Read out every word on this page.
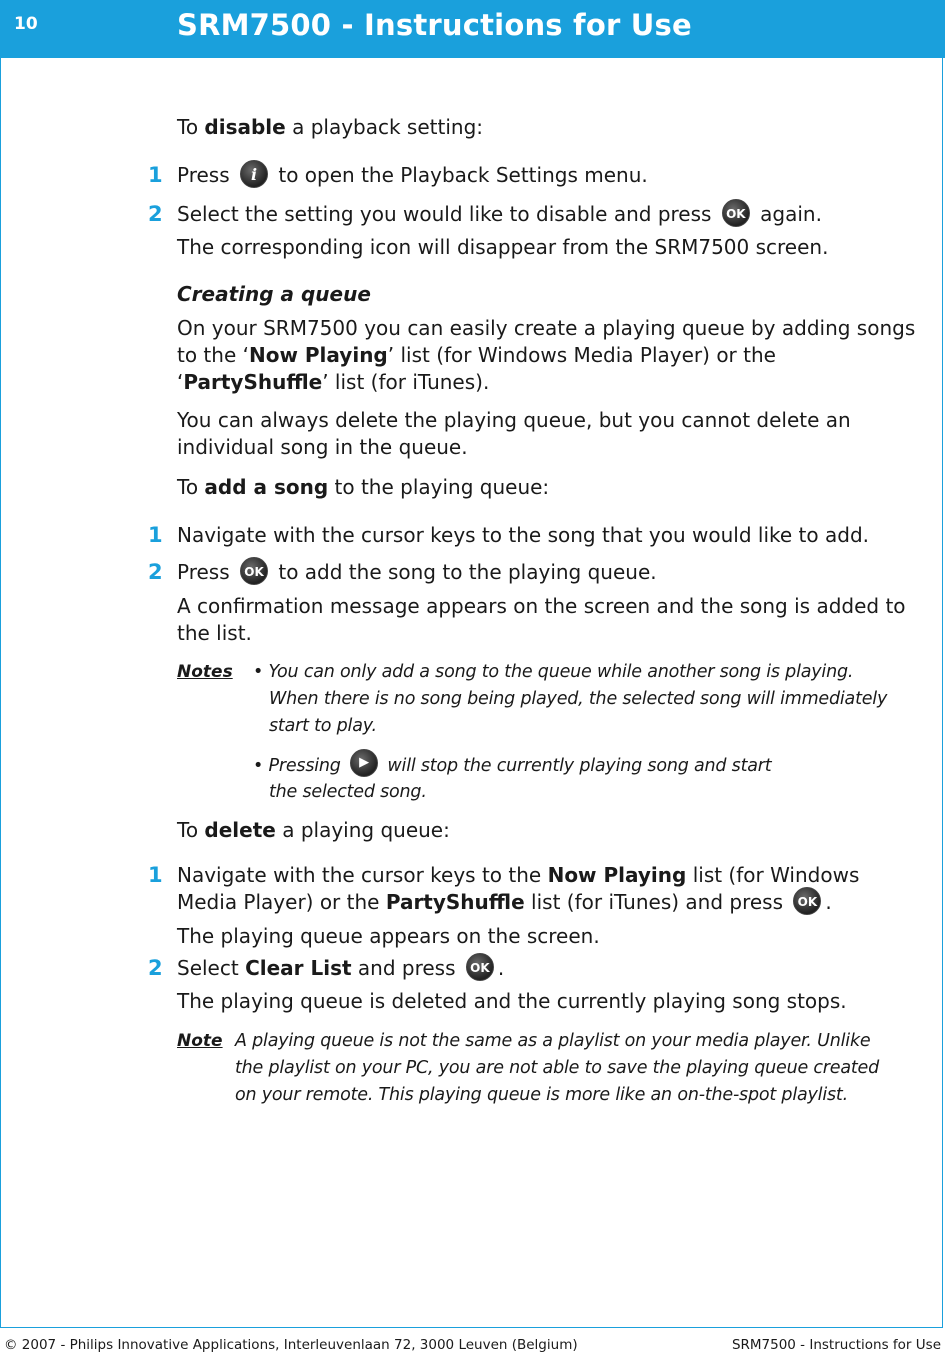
10	SRM7500 - Instructions for Use
To disable a playback setting:
1 Press i to open the Playback Settings menu.
2 Select the setting you would like to disable and press OK again.
The corresponding icon will disappear from the SRM7500 screen.
Creating a queue
On your SRM7500 you can easily create a playing queue by adding songs
to the ‘Now Playing’ list (for Windows Media Player) or the
‘PartyShuffle’ list (for iTunes).
You can always delete the playing queue, but you cannot delete an
individual song in the queue.
To add a song to the playing queue:
1 Navigate with the cursor keys to the song that you would like to add.
2 Press OK to add the song to the playing queue.
A confirmation message appears on the screen and the song is added to
the list.
Notes • You can only add a song to the queue while another song is playing.
When there is no song being played, the selected song will immediately
start to play.
• Pressing ▶ will stop the currently playing song and start
the selected song.
To delete a playing queue:
1 Navigate with the cursor keys to the Now Playing list (for Windows
Media Player) or the PartyShuffle list (for iTunes) and press OK .
The playing queue appears on the screen.
2 Select Clear List and press OK .
The playing queue is deleted and the currently playing song stops.
Note A playing queue is not the same as a playlist on your media player. Unlike
the playlist on your PC, you are not able to save the playing queue created
on your remote. This playing queue is more like an on-the-spot playlist.
© 2007 - Philips Innovative Applications, Interleuvenlaan 72, 3000 Leuven (Belgium)	SRM7500 - Instructions for Use
